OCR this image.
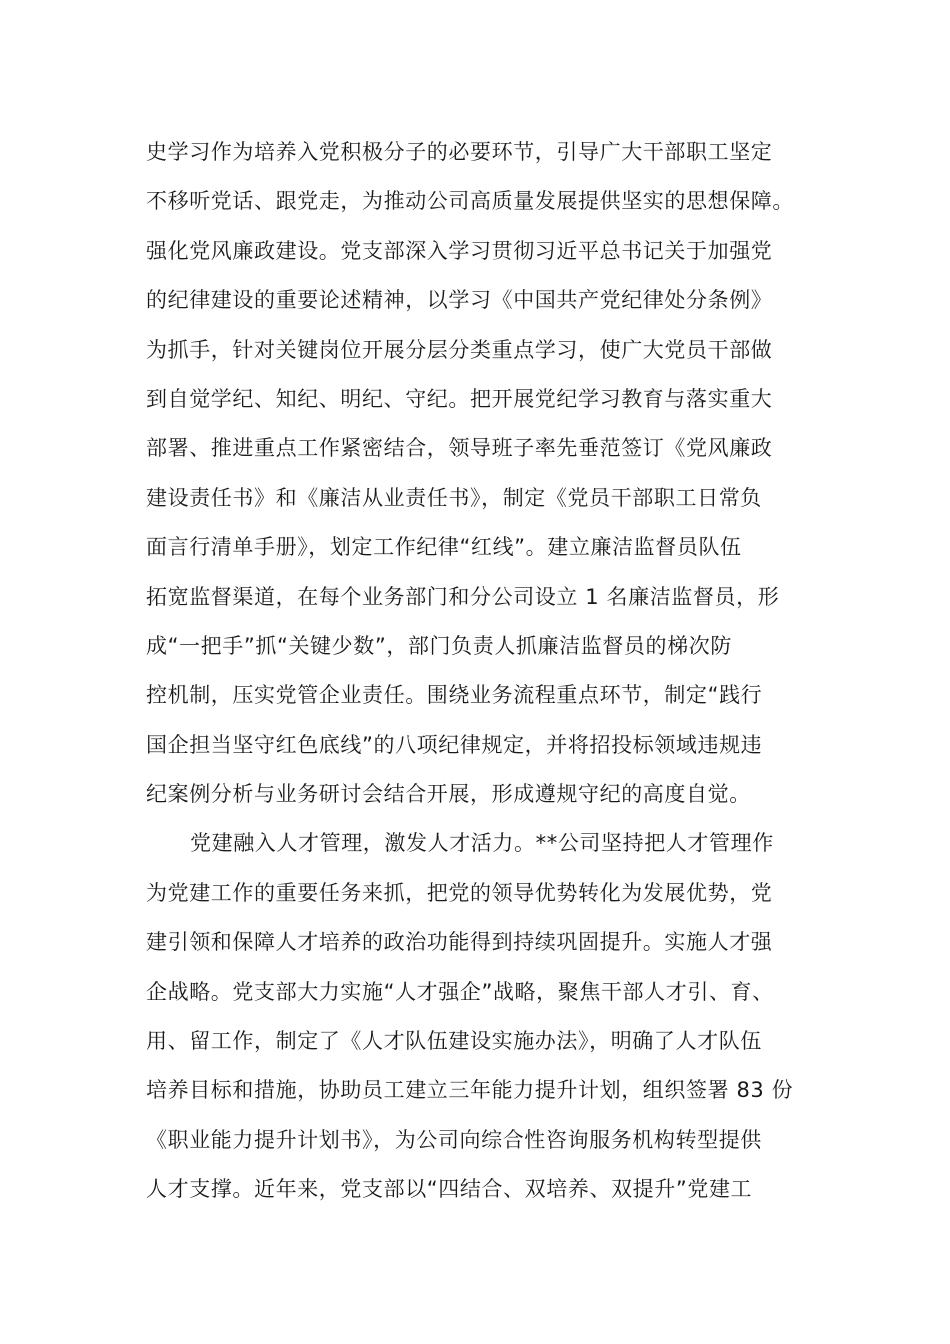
史学习作为培养入党积极分子的必要环节，引导广大干部职工坚定
不移听党话、跟党走，为推动公司高质量发展提供坚实的思想保障。
强化党风廉政建设。党支部深入学习贯彻习近平总书记关于加强党
的纪律建设的重要论述精神，以学习《中国共产党纪律处分条例》
为抓手，针对关键岗位开展分层分类重点学习，使广大党员干部做
到自觉学纪、知纪、明纪、守纪。把开展党纪学习教育与落实重大
部署、推进重点工作紧密结合，领导班子率先垂范签订《党风廉政
建设责任书》和《廉洁从业责任书》，制定《党员干部职工日常负
面言行清单手册》，划定工作纪律“红线”。建立廉洁监督员队伍
拓宽监督渠道，在每个业务部门和分公司设立 1 名廉洁监督员，形
成“一把手”抓“关键少数”，部门负责人抓廉洁监督员的梯次防
控机制，压实党管企业责任。围绕业务流程重点环节，制定“践行
国企担当坚守红色底线”的八项纪律规定，并将招投标领域违规违
纪案例分析与业务研讨会结合开展，形成遵规守纪的高度自觉。
党建融入人才管理，激发人才活力。**公司坚持把人才管理作
为党建工作的重要任务来抓，把党的领导优势转化为发展优势，党
建引领和保障人才培养的政治功能得到持续巩固提升。实施人才强
企战略。党支部大力实施“人才强企”战略，聚焦干部人才引、育、
用、留工作，制定了《人才队伍建设实施办法》，明确了人才队伍
培养目标和措施，协助员工建立三年能力提升计划，组织签署 83 份
《职业能力提升计划书》，为公司向综合性咨询服务机构转型提供
人才支撑。近年来，党支部以“四结合、双培养、双提升”党建工
